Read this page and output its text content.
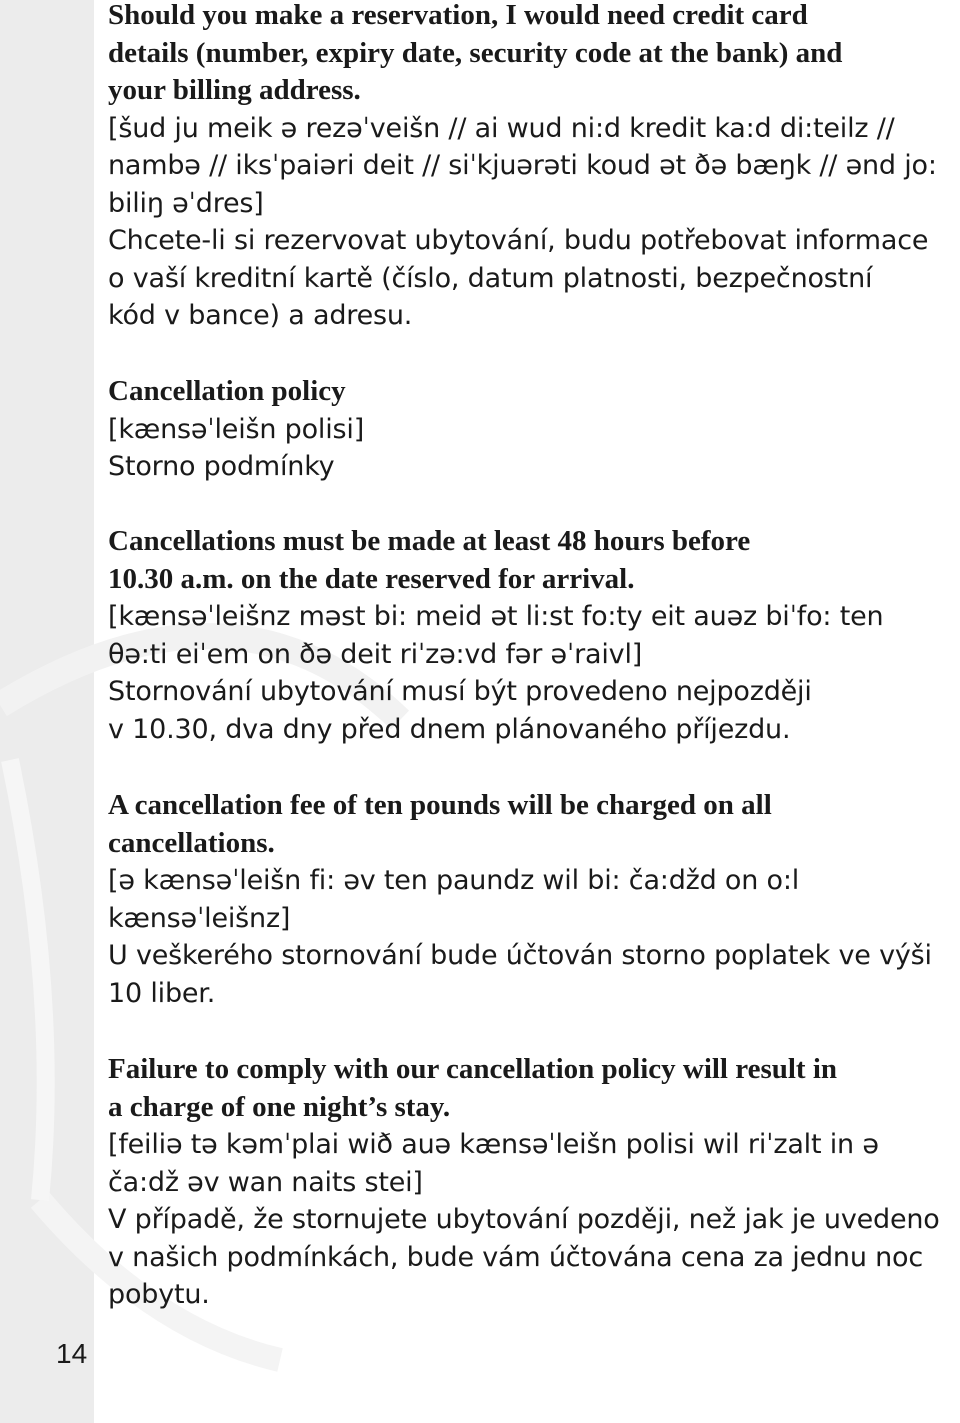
Should you make a reservation, I would need credit card
details (number, expiry date, security code at the bank) and
your billing address.
[šud ju meik ə rezəˈveišn // ai wud ni:d kredit ka:d di:teilz //
nambə // iksˈpaiəri deit // siˈkjuərəti koud ət ðə bæŋk // ənd jo:
biliŋ əˈdres]
Chcete-li si rezervovat ubytování, budu potřebovat informace
o vaší kreditní kartě (číslo, datum platnosti, bezpečnostní
kód v bance) a adresu.
Cancellation policy
[kænsəˈleišn polisi]
Storno podmínky
Cancellations must be made at least 48 hours before
10.30 a.m. on the date reserved for arrival.
[kænsəˈleišnz məst bi: meid ət li:st fo:ty eit auəz biˈfo: ten
θə:ti eiˈem on ðə deit riˈzə:vd fər əˈraivl]
Stornování ubytování musí být provedeno nejpozději
v 10.30, dva dny před dnem plánovaného příjezdu.
A cancellation fee of ten pounds will be charged on all
cancellations.
[ə kænsəˈleišn fi: əv ten paundz wil bi: ča:džd on o:l
kænsəˈleišnz]
U veškerého stornování bude účtován storno poplatek ve výši
10 liber.
Failure to comply with our cancellation policy will result in
a charge of one night’s stay.
[feiliə tə kəmˈplai wið auə kænsəˈleišn polisi wil riˈzalt in ə
ča:dž əv wan naits stei]
V případě, že stornujete ubytování později, než jak je uvedeno
v našich podmínkách, bude vám účtována cena za jednu noc
pobytu.
14
